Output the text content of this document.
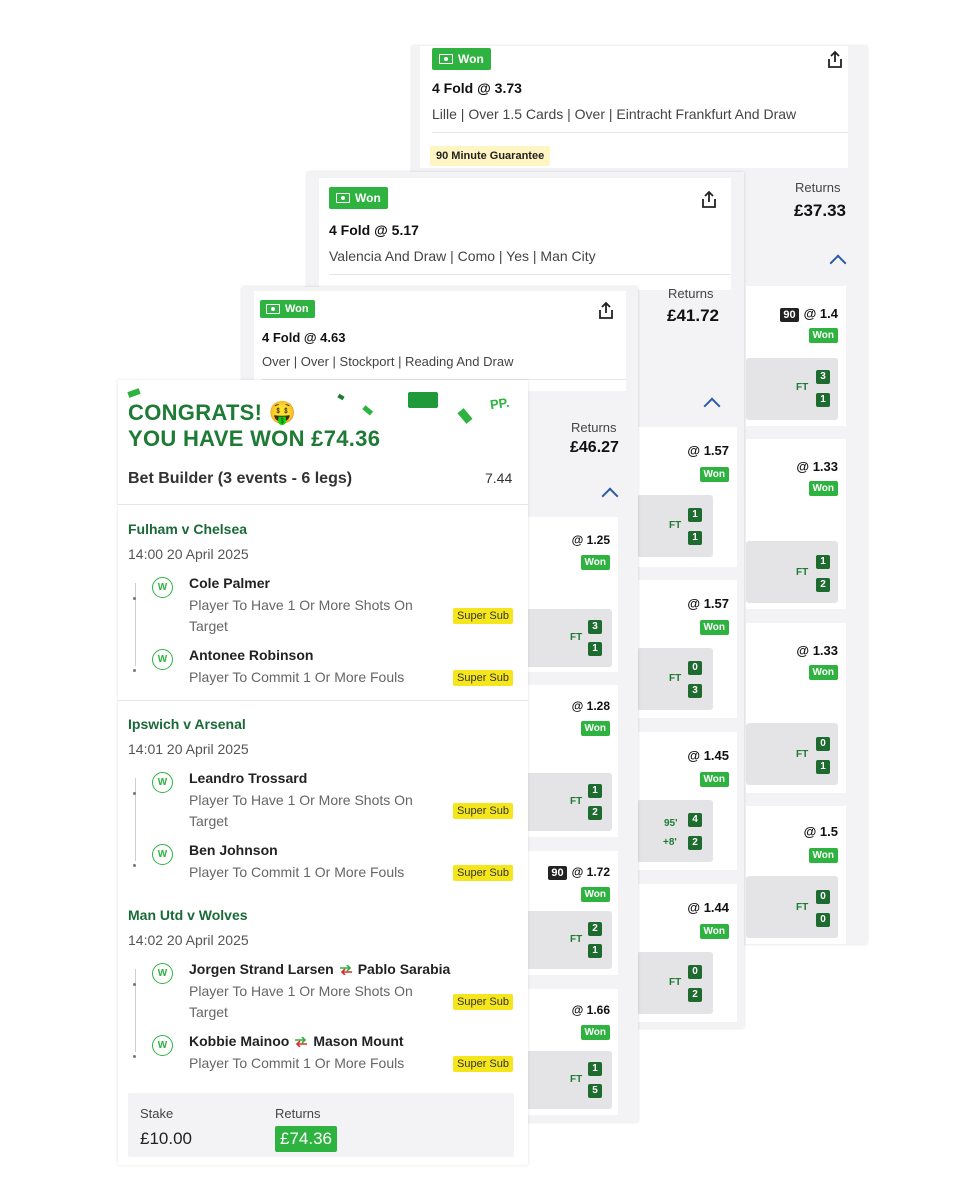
Won
4 Fold @ 3.73
Lille | Over 1.5 Cards | Over | Eintracht Frankfurt And Draw
90 Minute Guarantee
Returns
£37.33
90 @ 1.4
Won
FT
3
1
@ 1.33
Won
FT
1
2
@ 1.33
Won
FT
0
1
@ 1.5
Won
FT
0
0
Won
4 Fold @ 5.17
Valencia And Draw | Como | Yes | Man City
Returns
£41.72
@ 1.57
Won
FT
1
1
@ 1.57
Won
FT
0
3
@ 1.45
Won
95'
+8'
4
2
@ 1.44
Won
FT
0
2
Won
4 Fold @ 4.63
Over | Over | Stockport | Reading And Draw
Returns
£46.27
@ 1.25
Won
FT
3
1
@ 1.28
Won
FT
1
2
90 @ 1.72
Won
FT
2
1
@ 1.66
Won
FT
1
5
CONGRATS! 🤑
YOU HAVE WON £74.36
PP.
Bet Builder (3 events - 6 legs)	7.44
Fulham v Chelsea
14:00 20 April 2025
W	Cole Palmer
Player To Have 1 Or More Shots On Target
Super Sub
W	Antonee Robinson
Player To Commit 1 Or More Fouls	Super Sub
Ipswich v Arsenal
14:01 20 April 2025
W	Leandro Trossard
Player To Have 1 Or More Shots On Target
Super Sub
W	Ben Johnson
Player To Commit 1 Or More Fouls	Super Sub
Man Utd v Wolves
14:02 20 April 2025
W	Jorgen Strand Larsen Pablo Sarabia
Player To Have 1 Or More Shots On Target
Super Sub
W	Kobbie Mainoo Mason Mount
Player To Commit 1 Or More Fouls	Super Sub
Stake
£10.00
Returns
£74.36
